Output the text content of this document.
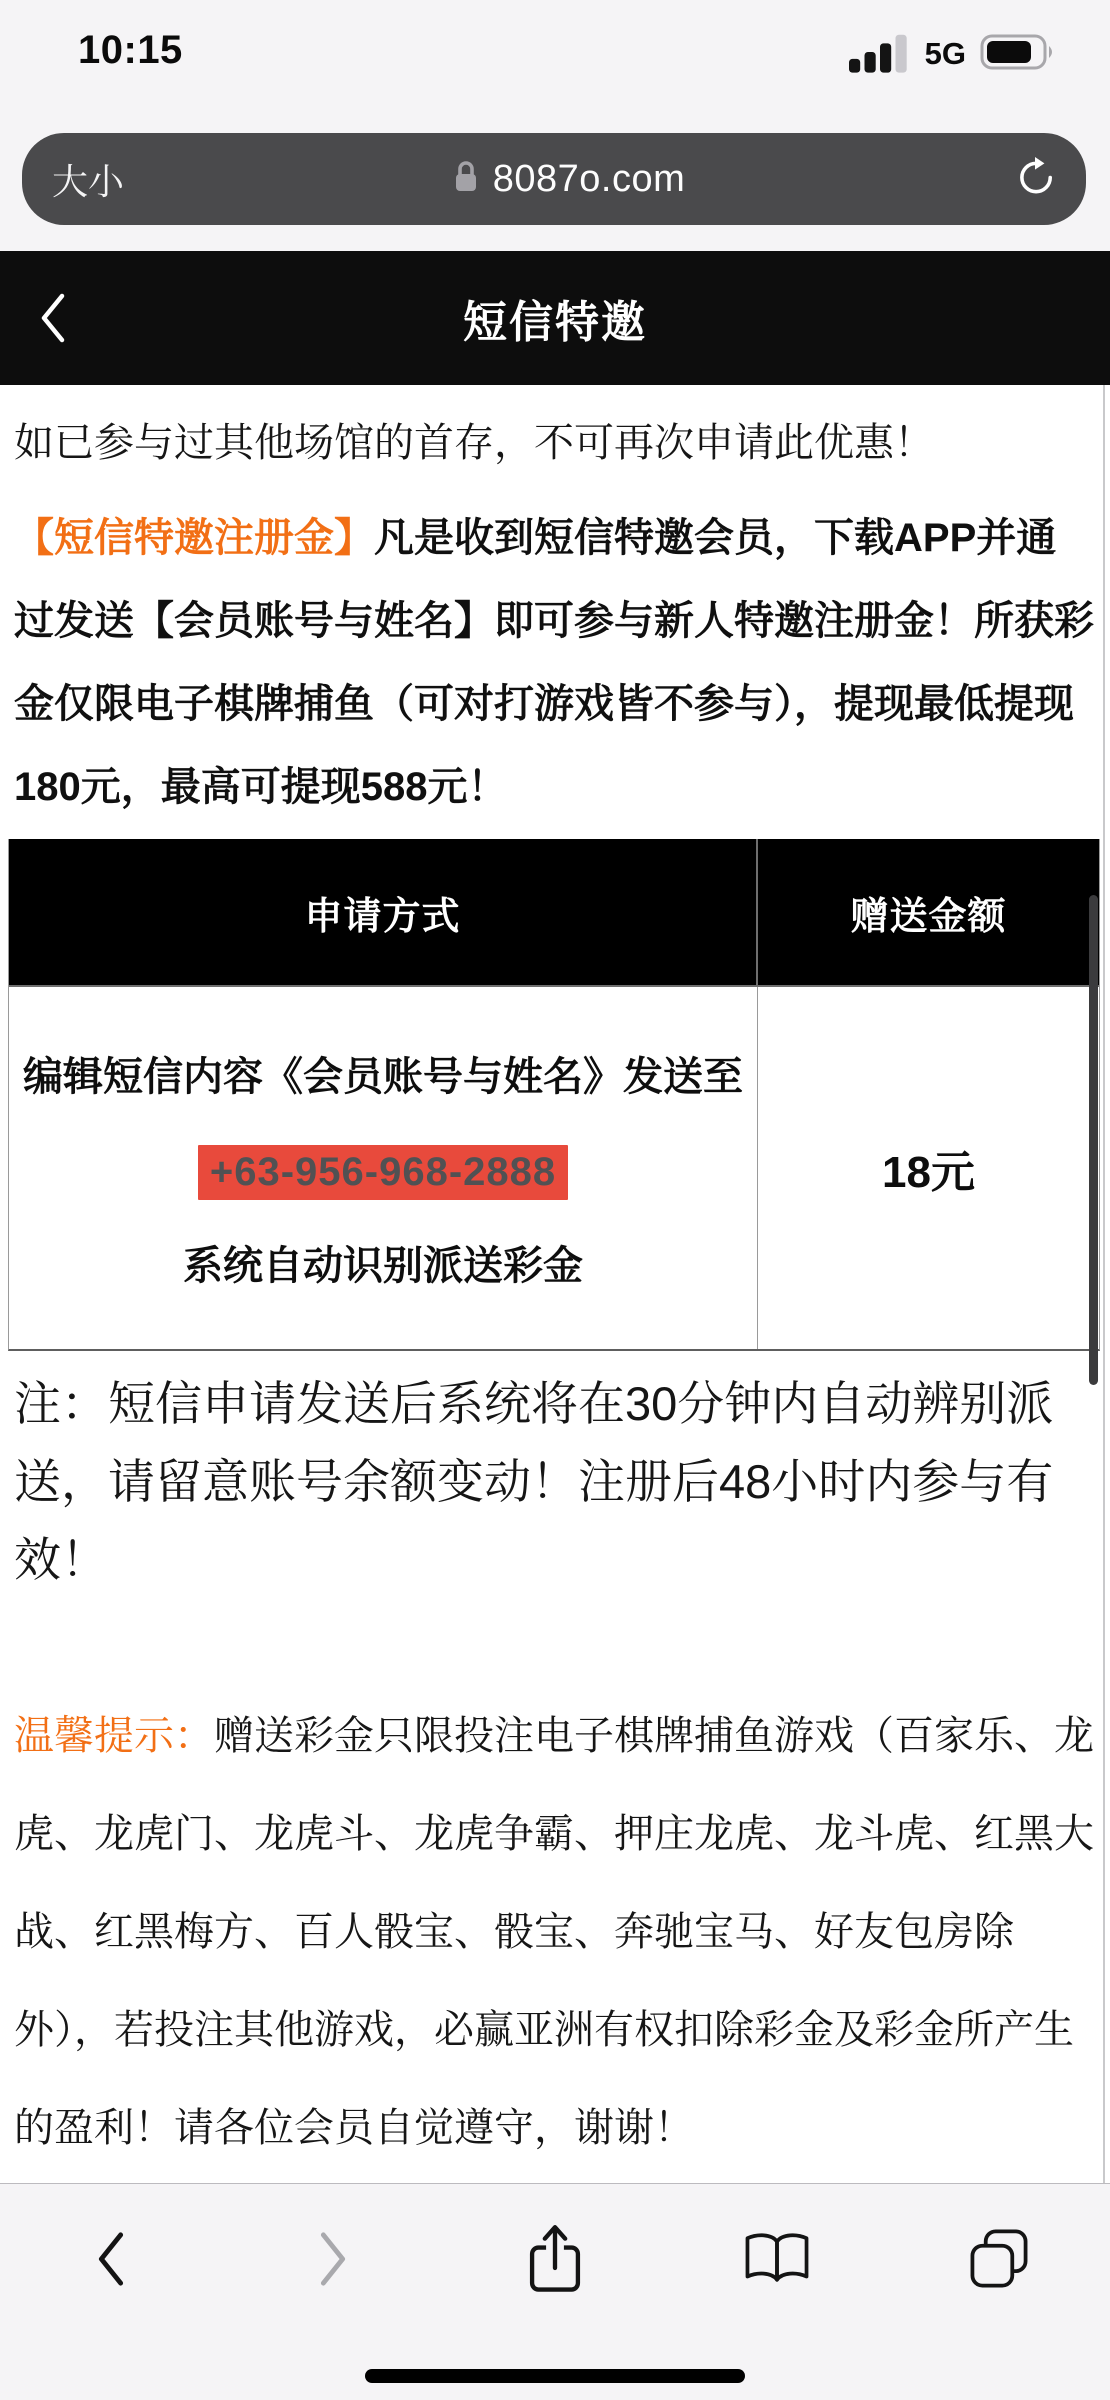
10:15	5G
大小	8087o.com
短信特邀
如已参与过其他场馆的首存，不可再次申请此优惠！
【短信特邀注册金】凡是收到短信特邀会员，下载APP并通过发送【会员账号与姓名】即可参与新人特邀注册金！所获彩金仅限电子棋牌捕鱼（可对打游戏皆不参与），提现最低提现180元，最高可提现588元！
申请方式	赠送金额
编辑短信内容《会员账号与姓名》发送至
+63-956-968-2888
系统自动识别派送彩金
18元
注：短信申请发送后系统将在30分钟内自动辨别派送，请留意账号余额变动！注册后48小时内参与有效！
温馨提示：赠送彩金只限投注电子棋牌捕鱼游戏（百家乐、龙虎、龙虎门、龙虎斗、龙虎争霸、押庄龙虎、龙斗虎、红黑大战、红黑梅方、百人骰宝、骰宝、奔驰宝马、好友包房除外），若投注其他游戏，必赢亚洲有权扣除彩金及彩金所产生的盈利！请各位会员自觉遵守，谢谢！
